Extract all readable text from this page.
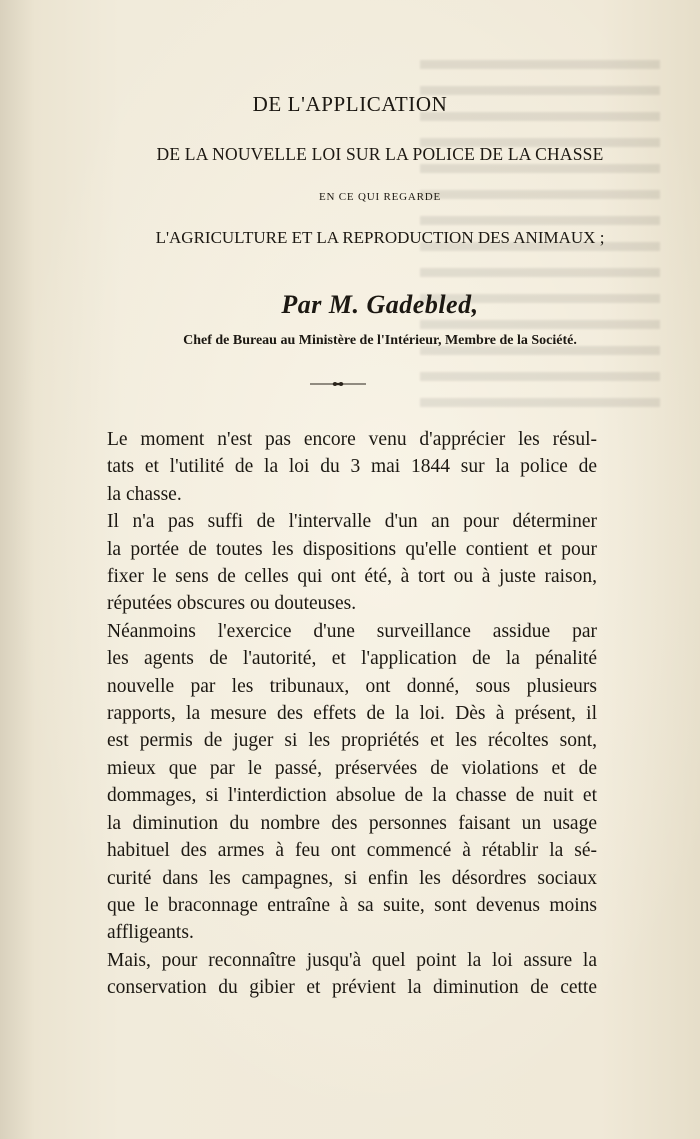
DE L'APPLICATION
DE LA NOUVELLE LOI SUR LA POLICE DE LA CHASSE
EN CE QUI REGARDE
L'AGRICULTURE ET LA REPRODUCTION DES ANIMAUX ;
Par M. Gadebled,
Chef de Bureau au Ministère de l'Intérieur, Membre de la Société.

Le moment n'est pas encore venu d'apprécier les résul-
tats et l'utilité de la loi du 3 mai 1844 sur la police de
la chasse.

Il n'a pas suffi de l'intervalle d'un an pour déterminer
la portée de toutes les dispositions qu'elle contient et pour
fixer le sens de celles qui ont été, à tort ou à juste raison,
réputées obscures ou douteuses.

Néanmoins l'exercice d'une surveillance assidue par
les agents de l'autorité, et l'application de la pénalité
nouvelle par les tribunaux, ont donné, sous plusieurs
rapports, la mesure des effets de la loi. Dès à présent, il
est permis de juger si les propriétés et les récoltes sont,
mieux que par le passé, préservées de violations et de
dommages, si l'interdiction absolue de la chasse de nuit et
la diminution du nombre des personnes faisant un usage
habituel des armes à feu ont commencé à rétablir la sé-
curité dans les campagnes, si enfin les désordres sociaux
que le braconnage entraîne à sa suite, sont devenus moins
affligeants.

Mais, pour reconnaître jusqu'à quel point la loi assure la
conservation du gibier et prévient la diminution de cette
